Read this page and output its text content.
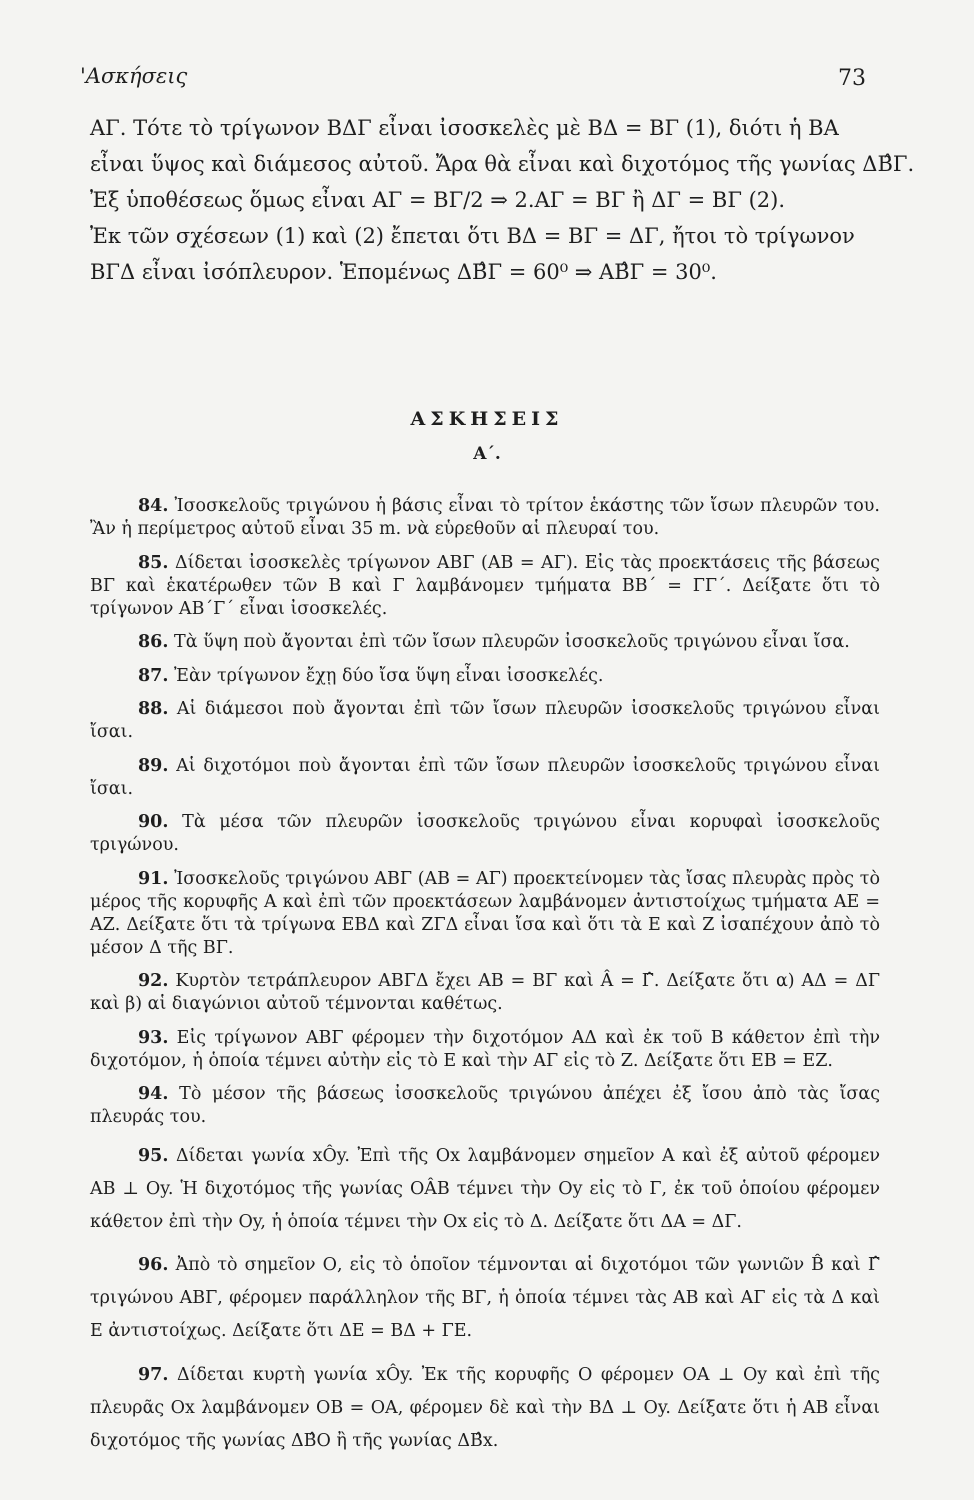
'Ασκήσεις	73

ΑΓ. Τότε τὸ τρίγωνον ΒΔΓ εἶναι ἰσοσκελὲς μὲ ΒΔ = ΒΓ (1), διότι ἡ ΒΑ

εἶναι ὕψος καὶ διάμεσος αὐτοῦ. Ἄρα θὰ εἶναι καὶ διχοτόμος τῆς γωνίας ΔΒ̂Γ.

Ἐξ ὑποθέσεως ὅμως εἶναι ΑΓ = ΒΓ/2 ⇒ 2.ΑΓ = ΒΓ ἢ ΔΓ = ΒΓ (2).

Ἐκ τῶν σχέσεων (1) καὶ (2) ἔπεται ὅτι ΒΔ = ΒΓ = ΔΓ, ἤτοι τὸ τρίγωνον

ΒΓΔ εἶναι ἰσόπλευρον. Ἑπομένως ΔΒ̂Γ = 60⁰ ⇒ ΑΒ̂Γ = 30⁰.

ΑΣΚΗΣΕΙΣ
Α΄.

84. Ἰσοσκελοῦς τριγώνου ἡ βάσις εἶναι τὸ τρίτον ἑκάστης τῶν ἴσων πλευρῶν του. Ἂν ἡ περίμετρος αὐτοῦ εἶναι 35 m. νὰ εὑρεθοῦν αἱ πλευραί του.

85. Δίδεται ἰσοσκελὲς τρίγωνον ΑΒΓ (ΑΒ = ΑΓ). Εἰς τὰς προεκτάσεις τῆς βάσεως ΒΓ καὶ ἑκατέρωθεν τῶν Β καὶ Γ λαμβάνομεν τμήματα ΒΒ΄ = ΓΓ΄. Δείξατε ὅτι τὸ τρίγωνον ΑΒ΄Γ΄ εἶναι ἰσοσκελές.

86. Τὰ ὕψη ποὺ ἄγονται ἐπὶ τῶν ἴσων πλευρῶν ἰσοσκελοῦς τριγώνου εἶναι ἴσα.

87. Ἐὰν τρίγωνον ἔχῃ δύο ἴσα ὕψη εἶναι ἰσοσκελές.

88. Αἱ διάμεσοι ποὺ ἄγονται ἐπὶ τῶν ἴσων πλευρῶν ἰσοσκελοῦς τριγώνου εἶναι ἴσαι.

89. Αἱ διχοτόμοι ποὺ ἄγονται ἐπὶ τῶν ἴσων πλευρῶν ἰσοσκελοῦς τριγώνου εἶναι ἴσαι.

90. Τὰ μέσα τῶν πλευρῶν ἰσοσκελοῦς τριγώνου εἶναι κορυφαὶ ἰσοσκελοῦς τριγώνου.

91. Ἰσοσκελοῦς τριγώνου ΑΒΓ (ΑΒ = ΑΓ) προεκτείνομεν τὰς ἴσας πλευρὰς πρὸς τὸ μέρος τῆς κορυφῆς Α καὶ ἐπὶ τῶν προεκτάσεων λαμβάνομεν ἀντιστοίχως τμήματα ΑΕ = ΑΖ. Δείξατε ὅτι τὰ τρίγωνα ΕΒΔ καὶ ΖΓΔ εἶναι ἴσα καὶ ὅτι τὰ Ε καὶ Ζ ἰσαπέχουν ἀπὸ τὸ μέσον Δ τῆς ΒΓ.

92. Κυρτὸν τετράπλευρον ΑΒΓΔ ἔχει ΑΒ = ΒΓ καὶ Â = Γ̂. Δείξατε ὅτι α) ΑΔ = ΔΓ καὶ β) αἱ διαγώνιοι αὐτοῦ τέμνονται καθέτως.

93. Εἰς τρίγωνον ΑΒΓ φέρομεν τὴν διχοτόμον ΑΔ καὶ ἐκ τοῦ Β κάθετον ἐπὶ τὴν διχοτόμον, ἡ ὁποία τέμνει αὐτὴν εἰς τὸ Ε καὶ τὴν ΑΓ εἰς τὸ Ζ. Δείξατε ὅτι ΕΒ = ΕΖ.

94. Τὸ μέσον τῆς βάσεως ἰσοσκελοῦς τριγώνου ἀπέχει ἐξ ἴσου ἀπὸ τὰς ἴσας πλευράς του.

95. Δίδεται γωνία xÔy. Ἐπὶ τῆς Οx λαμβάνομεν σημεῖον Α καὶ ἐξ αὐτοῦ φέρομεν ΑΒ ⊥ Οy. Ἡ διχοτόμος τῆς γωνίας ΟÂΒ τέμνει τὴν Οy εἰς τὸ Γ, ἐκ τοῦ ὁποίου φέρομεν κάθετον ἐπὶ τὴν Οy, ἡ ὁποία τέμνει τὴν Οx εἰς τὸ Δ. Δείξατε ὅτι ΔΑ = ΔΓ.

96. Ἀπὸ τὸ σημεῖον Ο, εἰς τὸ ὁποῖον τέμνονται αἱ διχοτόμοι τῶν γωνιῶν B̂ καὶ Γ̂ τριγώνου ΑΒΓ, φέρομεν παράλληλον τῆς ΒΓ, ἡ ὁποία τέμνει τὰς ΑΒ καὶ ΑΓ εἰς τὰ Δ καὶ Ε ἀντιστοίχως. Δείξατε ὅτι ΔΕ = ΒΔ + ΓΕ.

97. Δίδεται κυρτὴ γωνία xÔy. Ἐκ τῆς κορυφῆς Ο φέρομεν ΟΑ ⊥ Οy καὶ ἐπὶ τῆς πλευρᾶς Οx λαμβάνομεν ΟΒ = ΟΑ, φέρομεν δὲ καὶ τὴν ΒΔ ⊥ Οy. Δείξατε ὅτι ἡ ΑΒ εἶναι διχοτόμος τῆς γωνίας ΔΒ̂Ο ἢ τῆς γωνίας ΔΒ̂x.
